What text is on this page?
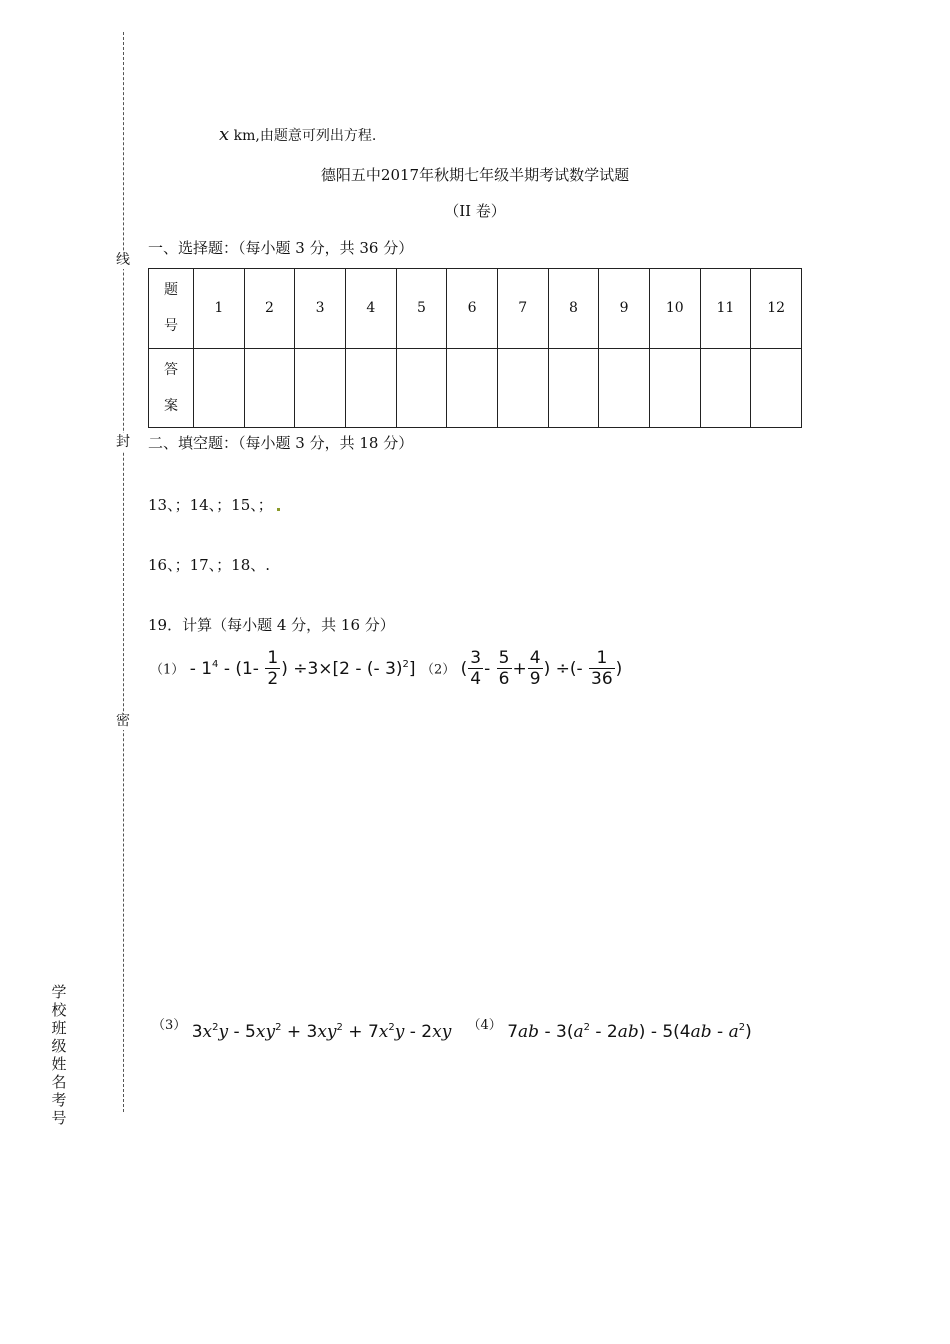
线
封
密
学校班级姓名考号
x km,由题意可列出方程.
德阳五中2017年秋期七年级半期考试数学试题
（II 卷）
一、选择题：（每小题 3 分，共 36 分）
题
号	1	2	3	4	5	6	7	8	9	10	11	12

答
案												

二、填空题：（每小题 3 分，共 18 分）
13、；14、；15、；
16、；17、；18、.
19．计算（每小题 4 分，共 16 分）
$(1) - 1^4 - (1- \frac{1}{2}$ ) ÷3×[2 - (- 3)$^2$] （2） ( $\frac{3}{4} - \frac{5}{6} + \frac{4}{9}$ ) ÷(- $\frac{1}{36}$ )
$^{(3)}$ $3x^2y - 5xy^2 + 3xy^2 + 7x^2y - 2xy$ $^{(4)}$ $7ab - 3(a^2 - 2ab) - 5(4ab - a^2)$
